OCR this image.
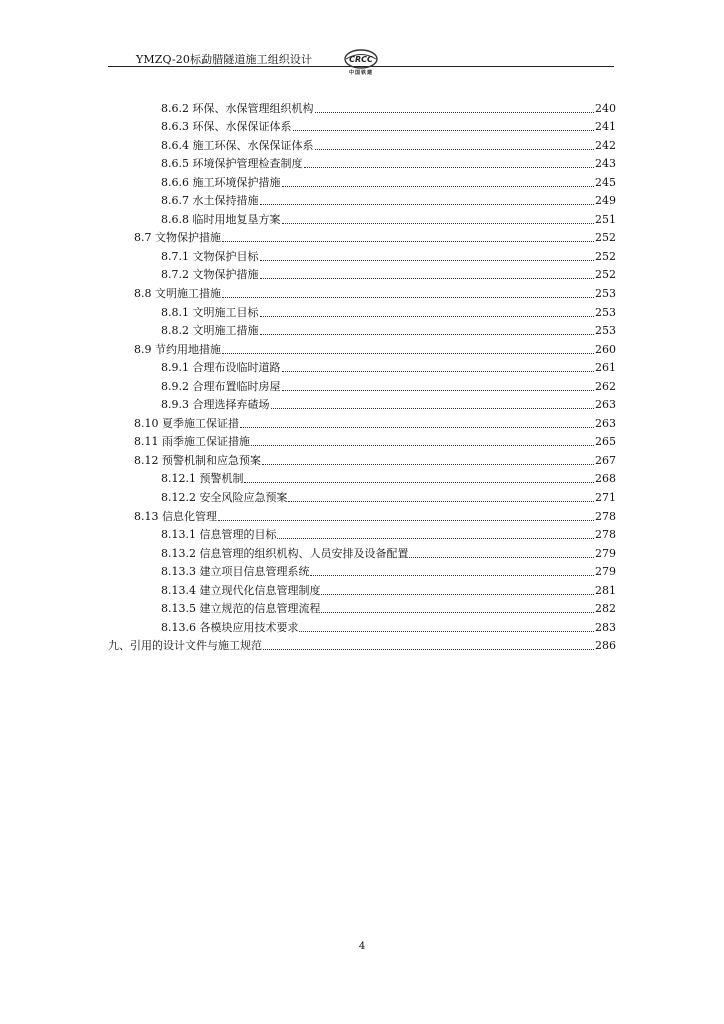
YMZQ-20标勐腊隧道施工组织设计	CRCC
中国铁建
8.6.2 环保、水保管理组织机构	240
8.6.3 环保、水保保证体系	241
8.6.4 施工环保、水保保证体系	242
8.6.5 环境保护管理检查制度	243
8.6.6 施工环境保护措施	245
8.6.7 水土保持措施	249
8.6.8 临时用地复垦方案	251
8.7 文物保护措施	252
8.7.1 文物保护目标	252
8.7.2 文物保护措施	252
8.8 文明施工措施	253
8.8.1 文明施工目标	253
8.8.2 文明施工措施	253
8.9 节约用地措施	260
8.9.1 合理布设临时道路	261
8.9.2 合理布置临时房屋	262
8.9.3 合理选择弃碴场	263
8.10 夏季施工保证措	263
8.11 雨季施工保证措施	265
8.12 预警机制和应急预案	267
8.12.1 预警机制	268
8.12.2 安全风险应急预案	271
8.13 信息化管理	278
8.13.1 信息管理的目标	278
8.13.2 信息管理的组织机构、人员安排及设备配置	279
8.13.3 建立项目信息管理系统	279
8.13.4 建立现代化信息管理制度	281
8.13.5 建立规范的信息管理流程	282
8.13.6 各模块应用技术要求	283
九、引用的设计文件与施工规范	286
4
